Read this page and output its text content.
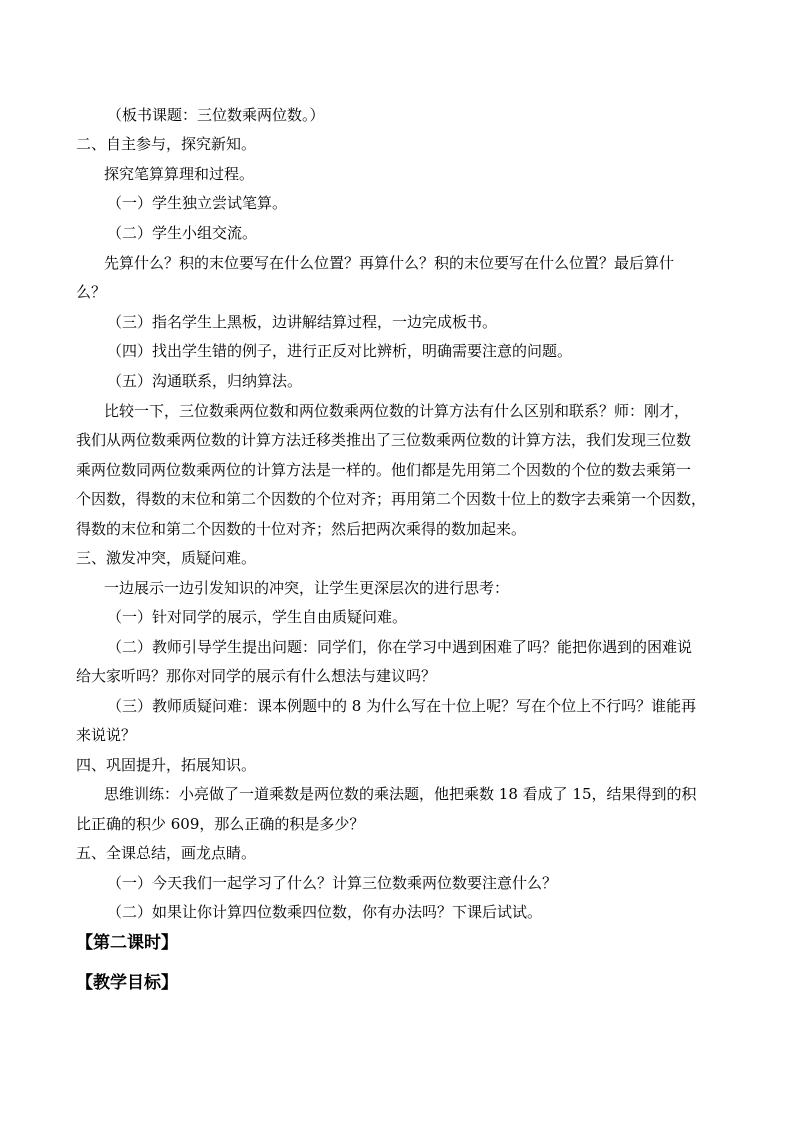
（板书课题：三位数乘两位数。）
二、自主参与，探究新知。
探究笔算算理和过程。
（一）学生独立尝试笔算。
（二）学生小组交流。
先算什么？积的末位要写在什么位置？再算什么？积的末位要写在什么位置？最后算什
么？
（三）指名学生上黑板，边讲解结算过程，一边完成板书。
（四）找出学生错的例子，进行正反对比辨析，明确需要注意的问题。
（五）沟通联系，归纳算法。
比较一下，三位数乘两位数和两位数乘两位数的计算方法有什么区别和联系？师：刚才，
我们从两位数乘两位数的计算方法迁移类推出了三位数乘两位数的计算方法，我们发现三位数
乘两位数同两位数乘两位的计算方法是一样的。他们都是先用第二个因数的个位的数去乘第一
个因数，得数的末位和第二个因数的个位对齐；再用第二个因数十位上的数字去乘第一个因数，
得数的末位和第二个因数的十位对齐；然后把两次乘得的数加起来。
三、激发冲突，质疑问难。
一边展示一边引发知识的冲突，让学生更深层次的进行思考：
（一）针对同学的展示，学生自由质疑问难。
（二）教师引导学生提出问题：同学们，你在学习中遇到困难了吗？能把你遇到的困难说
给大家听吗？那你对同学的展示有什么想法与建议吗？
（三）教师质疑问难：课本例题中的 8 为什么写在十位上呢？写在个位上不行吗？谁能再
来说说？
四、巩固提升，拓展知识。
思维训练：小亮做了一道乘数是两位数的乘法题，他把乘数 18 看成了 15，结果得到的积
比正确的积少 609，那么正确的积是多少？
五、全课总结，画龙点睛。
（一）今天我们一起学习了什么？计算三位数乘两位数要注意什么？
（二）如果让你计算四位数乘四位数，你有办法吗？下课后试试。
【第二课时】
【教学目标】
